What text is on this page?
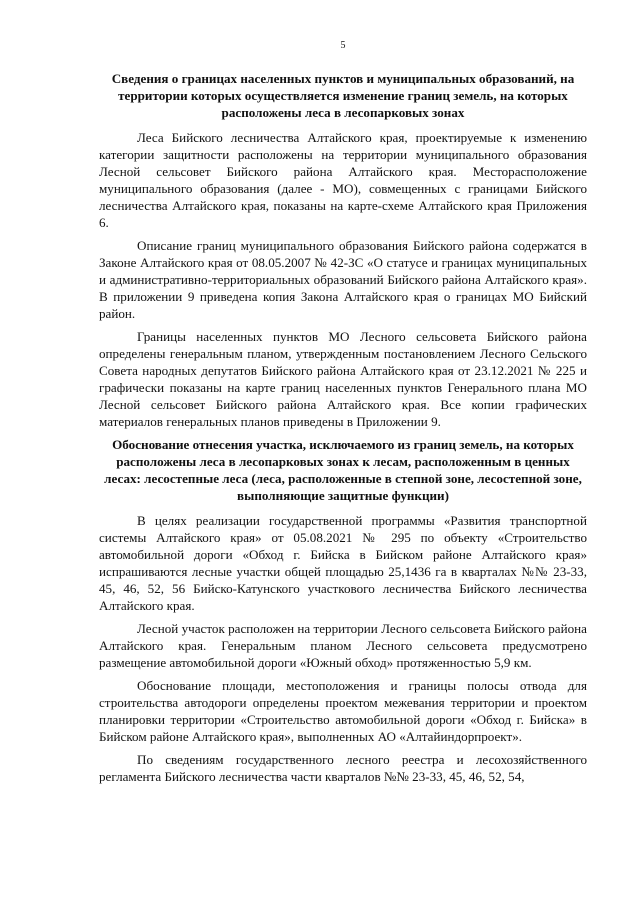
5
Сведения о границах населенных пунктов и муниципальных образований, на территории которых осуществляется изменение границ земель, на которых расположены леса в лесопарковых зонах

Леса Бийского лесничества Алтайского края, проектируемые к изменению категории защитности расположены на территории муниципального образования Лесной сельсовет Бийского района Алтайского края. Месторасположение муниципального образования (далее - МО), совмещенных с границами Бийского лесничества Алтайского края, показаны на карте-схеме Алтайского края Приложения 6.

Описание границ муниципального образования Бийского района содержатся в Законе Алтайского края от 08.05.2007 № 42-ЗС «О статусе и границах муниципальных и административно-территориальных образований Бийского района Алтайского края». В приложении 9 приведена копия Закона Алтайского края о границах МО Бийский район.

Границы населенных пунктов МО Лесного сельсовета Бийского района определены генеральным планом, утвержденным постановлением Лесного Сельского Совета народных депутатов Бийского района Алтайского края от 23.12.2021 № 225 и графически показаны на карте границ населенных пунктов Генерального плана МО Лесной сельсовет Бийского района Алтайского края. Все копии графических материалов генеральных планов приведены в Приложении 9.

Обоснование отнесения участка, исключаемого из границ земель, на которых расположены леса в лесопарковых зонах к лесам, расположенным в ценных лесах: лесостепные леса (леса, расположенные в степной зоне, лесостепной зоне, выполняющие защитные функции)

В целях реализации государственной программы «Развития транспортной системы Алтайского края» от 05.08.2021 № 295 по объекту «Строительство автомобильной дороги «Обход г. Бийска в Бийском районе Алтайского края» испрашиваются лесные участки общей площадью 25,1436 га в кварталах №№ 23-33, 45, 46, 52, 56 Бийско-Катунского участкового лесничества Бийского лесничества Алтайского края.

Лесной участок расположен на территории Лесного сельсовета Бийского района Алтайского края. Генеральным планом Лесного сельсовета предусмотрено размещение автомобильной дороги «Южный обход» протяженностью 5,9 км.

Обоснование площади, местоположения и границы полосы отвода для строительства автодороги определены проектом межевания территории и проектом планировки территории «Строительство автомобильной дороги «Обход г. Бийска» в Бийском районе Алтайского края», выполненных АО «Алтайиндорпроект».

По сведениям государственного лесного реестра и лесохозяйственного регламента Бийского лесничества части кварталов №№ 23-33, 45, 46, 52, 54,
